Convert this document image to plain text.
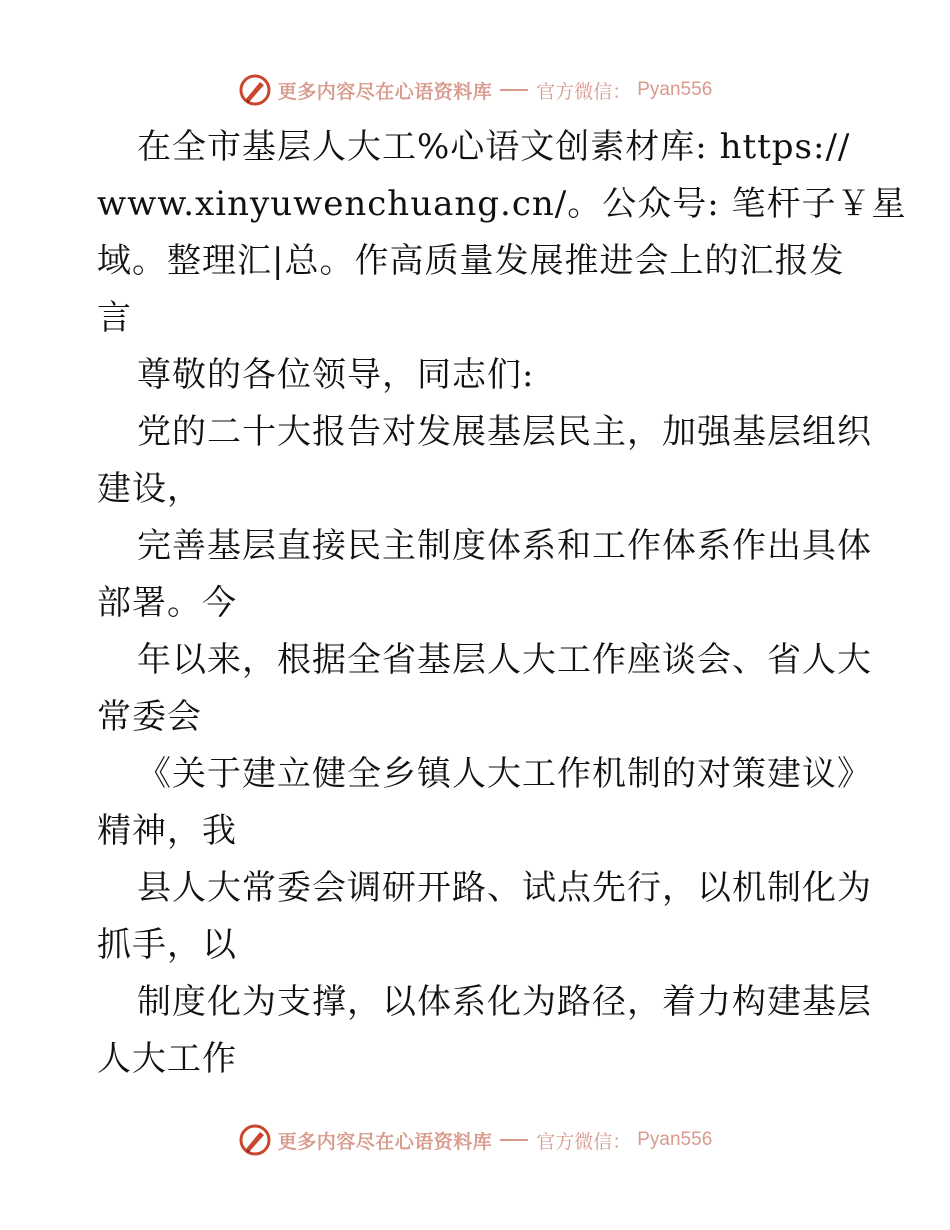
更多内容尽在心语资料库 官方微信： Pyan556
在全市基层人大工%心语文创素材库: https://
www.xinyuwenchuang.cn/。公众号: 笔杆子￥星
域。整理汇|总。作高质量发展推进会上的汇报发
言
尊敬的各位领导，同志们:
党的二十大报告对发展基层民主，加强基层组织
建设，
完善基层直接民主制度体系和工作体系作出具体
部署。今
年以来，根据全省基层人大工作座谈会、省人大
常委会
《关于建立健全乡镇人大工作机制的对策建议》
精神，我
县人大常委会调研开路、试点先行，以机制化为
抓手，以
制度化为支撑，以体系化为路径，着力构建基层
人大工作
更多内容尽在心语资料库 官方微信： Pyan556
